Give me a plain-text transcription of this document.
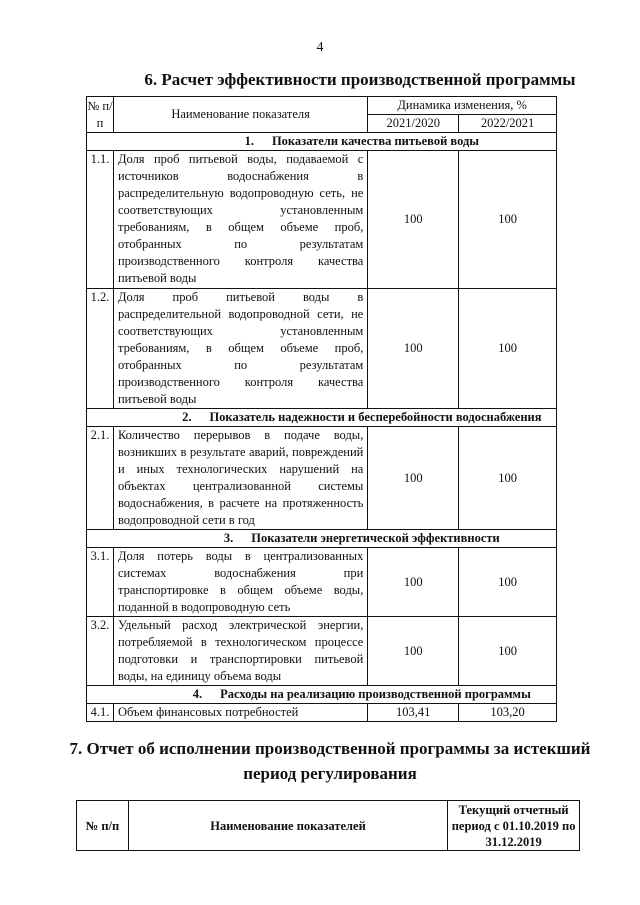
4
6. Расчет эффективности производственной программы
№ п/п	Наименование показателя	Динамика изменения, %	
		2021/2020	2022/2021
1. Показатели качества питьевой воды			
1.1.	Доля проб питьевой воды, подаваемой с источников водоснабжения в распределительную водопроводную сеть, не соответствующих установленным требованиям, в общем объеме проб, отобранных по результатам производственного контроля качества питьевой воды	100	100
1.2.	Доля проб питьевой воды в распределительной водопроводной сети, не соответствующих установленным требованиям, в общем объеме проб, отобранных по результатам производственного контроля качества питьевой воды	100	100
2. Показатель надежности и бесперебойности водоснабжения			
2.1.	Количество перерывов в подаче воды, возникших в результате аварий, повреждений и иных технологических нарушений на объектах централизованной системы водоснабжения, в расчете на протяженность водопроводной сети в год	100	100
3. Показатели энергетической эффективности			
3.1.	Доля потерь воды в централизованных системах водоснабжения при транспортировке в общем объеме воды, поданной в водопроводную сеть	100	100
3.2.	Удельный расход электрической энергии, потребляемой в технологическом процессе подготовки и транспортировки питьевой воды, на единицу объема воды	100	100
4. Расходы на реализацию производственной программы			
4.1.	Объем финансовых потребностей	103,41	103,20
7. Отчет об исполнении производственной программы за истекший период регулирования
№ п/п	Наименование показателей	Текущий отчетный период с 01.10.2019 по 31.12.2019
